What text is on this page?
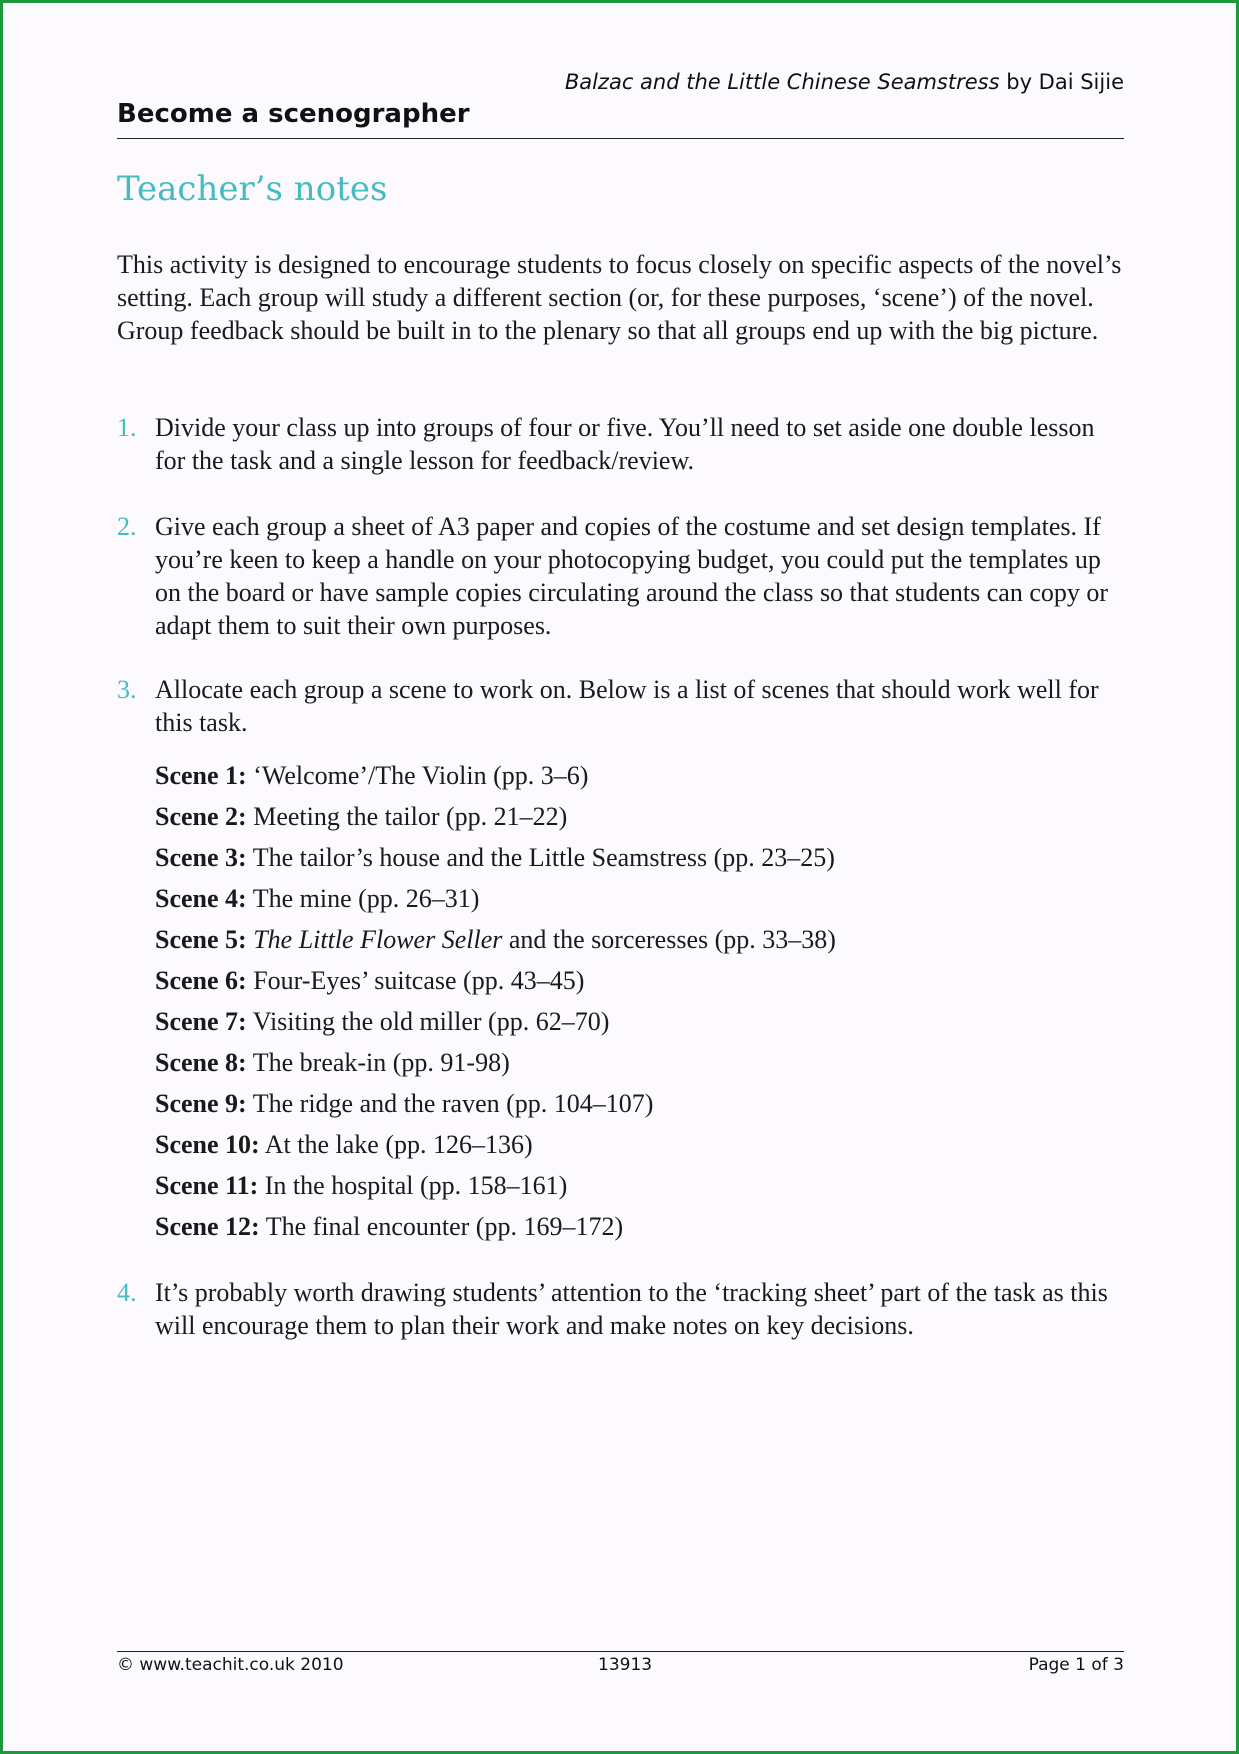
Balzac and the Little Chinese Seamstress by Dai Sijie
Become a scenographer
Teacher’s notes
This activity is designed to encourage students to focus closely on specific aspects of the novel’s setting. Each group will study a different section (or, for these purposes, ‘scene’) of the novel. Group feedback should be built in to the plenary so that all groups end up with the big picture.
1. Divide your class up into groups of four or five. You’ll need to set aside one double lesson for the task and a single lesson for feedback/review.
2. Give each group a sheet of A3 paper and copies of the costume and set design templates. If you’re keen to keep a handle on your photocopying budget, you could put the templates up on the board or have sample copies circulating around the class so that students can copy or adapt them to suit their own purposes.
3. Allocate each group a scene to work on. Below is a list of scenes that should work well for this task.
Scene 1: ‘Welcome’/The Violin (pp. 3–6)
Scene 2: Meeting the tailor (pp. 21–22)
Scene 3: The tailor’s house and the Little Seamstress (pp. 23–25)
Scene 4: The mine (pp. 26–31)
Scene 5: The Little Flower Seller and the sorceresses (pp. 33–38)
Scene 6: Four-Eyes’ suitcase (pp. 43–45)
Scene 7: Visiting the old miller (pp. 62–70)
Scene 8: The break-in (pp. 91-98)
Scene 9: The ridge and the raven (pp. 104–107)
Scene 10: At the lake (pp. 126–136)
Scene 11: In the hospital (pp. 158–161)
Scene 12: The final encounter (pp. 169–172)
4. It’s probably worth drawing students’ attention to the ‘tracking sheet’ part of the task as this will encourage them to plan their work and make notes on key decisions.
© www.teachit.co.uk 2010	13913	Page 1 of 3
